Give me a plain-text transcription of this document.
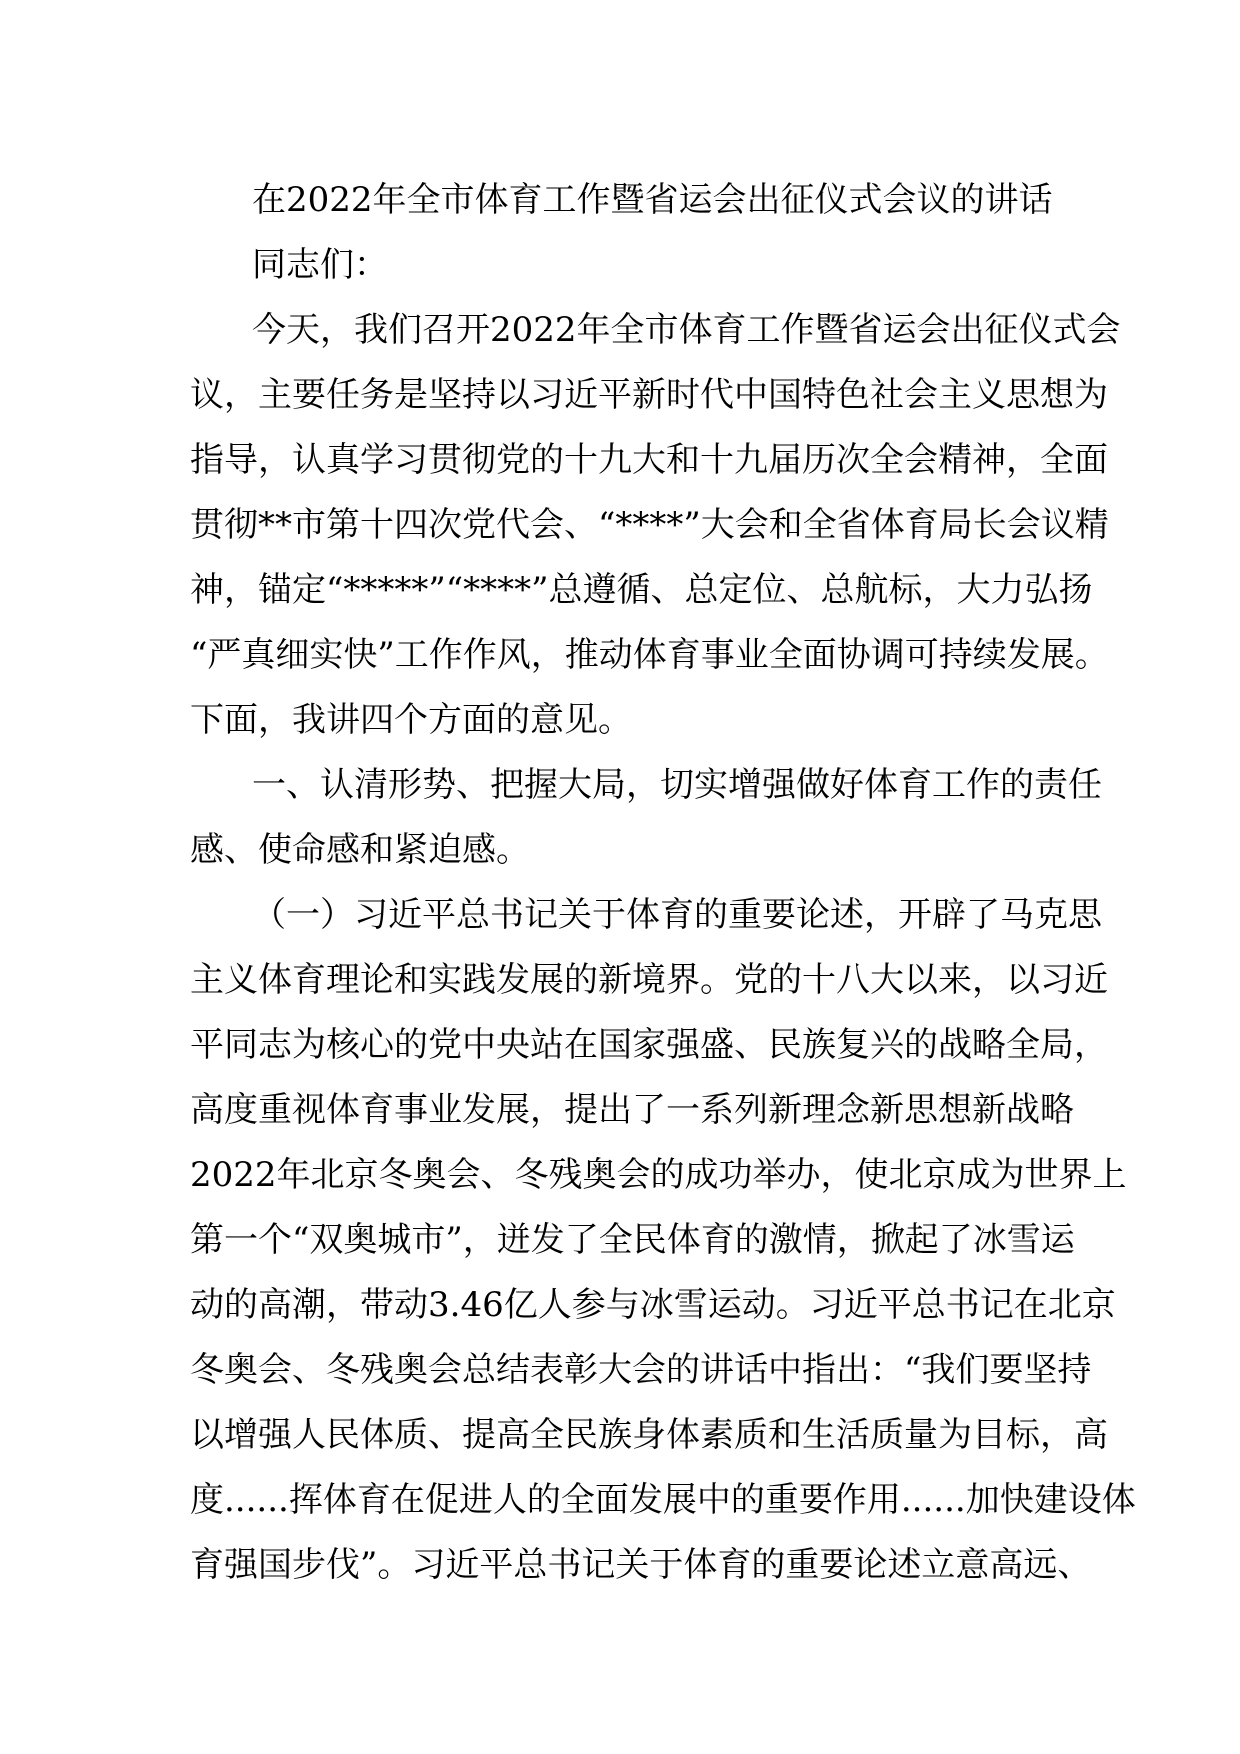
在2022年全市体育工作暨省运会出征仪式会议的讲话
同志们：
今天，我们召开2022年全市体育工作暨省运会出征仪式会
议，主要任务是坚持以习近平新时代中国特色社会主义思想为
指导，认真学习贯彻党的十九大和十九届历次全会精神，全面
贯彻**市第十四次党代会、“****”大会和全省体育局长会议精
神，锚定“*****”“****”总遵循、总定位、总航标，大力弘扬
“严真细实快”工作作风，推动体育事业全面协调可持续发展。
下面，我讲四个方面的意见。
一、认清形势、把握大局，切实增强做好体育工作的责任
感、使命感和紧迫感。
（一）习近平总书记关于体育的重要论述，开辟了马克思
主义体育理论和实践发展的新境界。党的十八大以来，以习近
平同志为核心的党中央站在国家强盛、民族复兴的战略全局，
高度重视体育事业发展，提出了一系列新理念新思想新战略
2022年北京冬奥会、冬残奥会的成功举办，使北京成为世界上
第一个“双奥城市”，迸发了全民体育的激情，掀起了冰雪运
动的高潮，带动3.46亿人参与冰雪运动。习近平总书记在北京
冬奥会、冬残奥会总结表彰大会的讲话中指出：“我们要坚持
以增强人民体质、提高全民族身体素质和生活质量为目标，高
度......挥体育在促进人的全面发展中的重要作用......加快建设体
育强国步伐”。习近平总书记关于体育的重要论述立意高远、
